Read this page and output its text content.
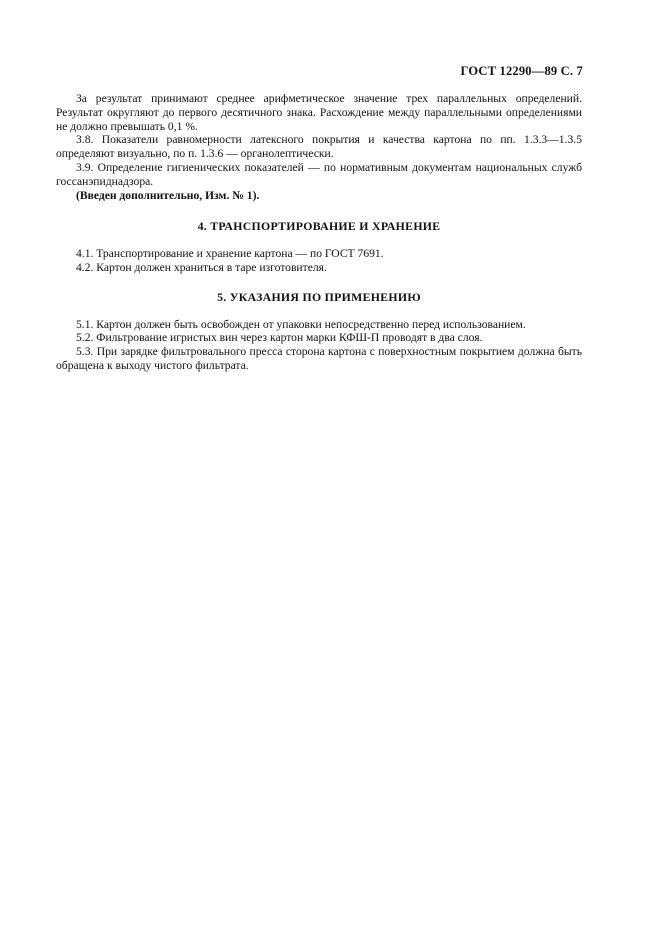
ГОСТ 12290—89 С. 7

За результат принимают среднее арифметическое значение трех параллельных определений. Результат округляют до первого десятичного знака. Расхождение между параллельными определениями не должно превышать 0,1 %.

3.8. Показатели равномерности латексного покрытия и качества картона по пп. 1.3.3—1.3.5 определяют визуально, по п. 1.3.6 — органолептически.

3.9. Определение гигиенических показателей — по нормативным документам национальных служб госсанэпиднадзора.

(Введен дополнительно, Изм. № 1).

4. ТРАНСПОРТИРОВАНИЕ И ХРАНЕНИЕ

4.1. Транспортирование и хранение картона — по ГОСТ 7691.

4.2. Картон должен храниться в таре изготовителя.

5. УКАЗАНИЯ ПО ПРИМЕНЕНИЮ

5.1. Картон должен быть освобожден от упаковки непосредственно перед использованием.

5.2. Фильтрование игристых вин через картон марки КФШ-П проводят в два слоя.

5.3. При зарядке фильтровального пресса сторона картона с поверхностным покрытием должна быть обращена к выходу чистого фильтрата.
